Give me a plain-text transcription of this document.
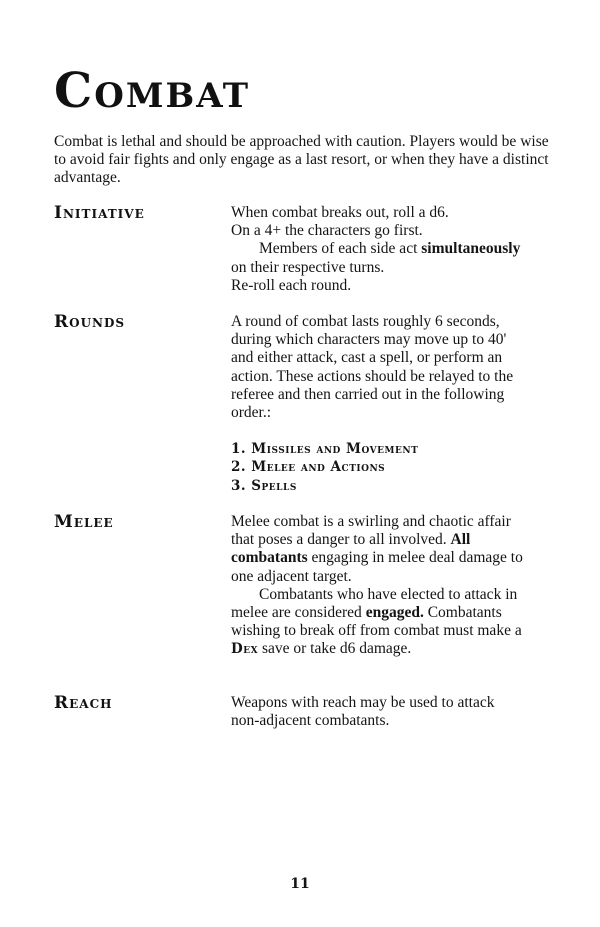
Combat

Combat is lethal and should be approached with caution. Players would be wise to avoid fair fights and only engage as a last resort, or when they have a distinct advantage.

Initiative	When combat breaks out, roll a d6.

On a 4+ the characters go first.

Members of each side act simultaneously on their respective turns.

Re-roll each round.

Rounds	A round of combat lasts roughly 6 seconds, during which characters may move up to 40' and either attack, cast a spell, or perform an action. These actions should be relayed to the referee and then carried out in the following order.:

1. Missiles and Movement
2. Melee and Actions
3. Spells
Melee	Melee combat is a swirling and chaotic affair that poses a danger to all involved. All combatants engaging in melee deal damage to one adjacent target.

Combatants who have elected to attack in melee are considered engaged. Combatants wishing to break off from combat must make a Dex save or take d6 damage.

Reach	Weapons with reach may be used to attack non-adjacent combatants.

11
